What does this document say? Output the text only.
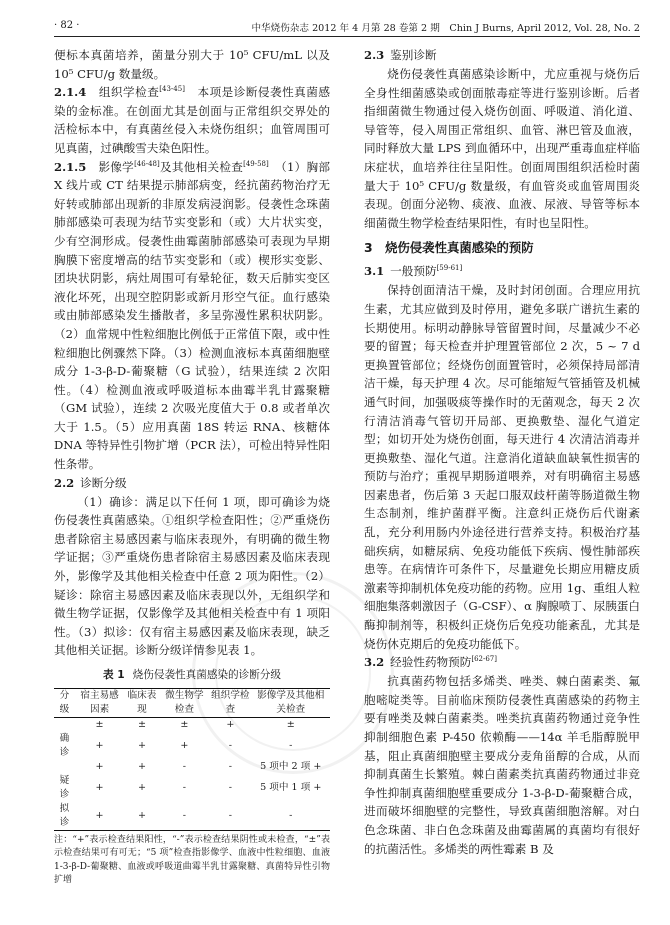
· 82 ·	中华烧伤杂志 2012 年 4 月第 28 卷第 2 期　Chin J Burns, April 2012, Vol. 28, No. 2

便标本真菌培养，菌量分别大于 10⁵ CFU/mL 以及 10⁵ CFU/g 数量级。

2.1.4　 组织学检查[43-45]　 本项是诊断侵袭性真菌感染的金标准。在创面尤其是创面与正常组织交界处的活检标本中，有真菌丝侵入未烧伤组织；血管周围可见真菌，过碘酸雪夫染色阳性。

2.1.5　 影像学[46-48]及其他相关检查[49-58]　 （1）胸部 X 线片或 CT 结果提示肺部病变，经抗菌药物治疗无好转或肺部出现新的非原发病浸润影。侵袭性念珠菌肺部感染可表现为结节实变影和（或）大片状实变，少有空洞形成。侵袭性曲霉菌肺部感染可表现为早期胸膜下密度增高的结节实变影和（或）楔形实变影、团块状阴影，病灶周围可有晕轮征，数天后肺实变区液化坏死，出现空腔阴影或新月形空气征。血行感染或由肺部感染发生播散者，多呈弥漫性累积状阴影。（2）血常规中性粒细胞比例低于正常值下限，或中性粒细胞比例骤然下降。（3）检测血液标本真菌细胞壁成分 1-3-β-D-葡聚糖（G 试验），结果连续 2 次阳性。（4）检测血液或呼吸道标本曲霉半乳甘露聚糖（GM 试验），连续 2 次吸光度值大于 0.8 或者单次大于 1.5。（5）应用真菌 18S 转运 RNA、核糖体 DNA 等特异性引物扩增（PCR 法），可检出特异性阳性条带。

2.2 诊断分级

（1）确诊：满足以下任何 1 项，即可确诊为烧伤侵袭性真菌感染。①组织学检查阳性；②严重烧伤患者除宿主易感因素与临床表现外，有明确的微生物学证据；③严重烧伤患者除宿主易感因素及临床表现外，影像学及其他相关检查中任意 2 项为阳性。（2）疑诊：除宿主易感因素及临床表现以外，无组织学和微生物学证据，仅影像学及其他相关检查中有 1 项阳性。（3）拟诊：仅有宿主易感因素及临床表现，缺乏其他相关证据。诊断分级详情参见表 1。

表 1 烧伤侵袭性真菌感染的诊断分级
分级	宿主易感因素	临床表现	微生物学检查	组织学检查	影像学及其他相关检查

	±	±	±	+	±
确诊	+	+	+	-	-
	+	+	-	-	5 项中 2 项 +
疑诊	+	+	-	-	5 项中 1 项 +
拟诊	+	+	-	-	-
注：“+”表示检查结果阳性，“-”表示检查结果阴性或未检查，“±”表示检查结果可有可无；“5 项”检查指影像学、血液中性粒细胞、血液 1-3-β-D-葡聚糖、血液或呼吸道曲霉半乳甘露聚糖、真菌特异性引物扩增
2.3 鉴别诊断

烧伤侵袭性真菌感染诊断中，尤应重视与烧伤后全身性细菌感染或创面脓毒症等进行鉴别诊断。后者指细菌微生物通过侵入烧伤创面、呼吸道、消化道、导管等，侵入周围正常组织、血管、淋巴管及血液，同时释放大量 LPS 到血循环中，出现严重毒血症样临床症状，血培养往往呈阳性。创面周围组织活检时菌量大于 10⁵ CFU/g 数量级，有血管炎或血管周围炎表现。创面分泌物、痰液、血液、尿液、导管等标本细菌微生物学检查结果阳性，有时也呈阳性。

3　 烧伤侵袭性真菌感染的预防
3.1 一般预防[59-61]

保持创面清洁干燥，及时封闭创面。合理应用抗生素，尤其应做到及时停用，避免多联广谱抗生素的长期使用。标明动静脉导管留置时间，尽量减少不必要的留置；每天检查并护理置管部位 2 次，5 ~ 7 d 更换置管部位；经烧伤创面置管时，必须保持局部清洁干燥，每天护理 4 次。尽可能缩短气管插管及机械通气时间，加强吸痰等操作时的无菌观念，每天 2 次行清洁消毒气管切开局部、更换敷垫、湿化气道定型；如切开处为烧伤创面，每天进行 4 次清洁消毒并更换敷垫、湿化气道。注意消化道缺血缺氧性损害的预防与治疗；重视早期肠道喂养，对有明确宿主易感因素患者，伤后第 3 天起口服双歧杆菌等肠道微生物生态制剂，维护菌群平衡。注意纠正烧伤后代谢紊乱，充分利用肠内外途径进行营养支持。积极治疗基础疾病，如糖尿病、免疫功能低下疾病、慢性肺部疾患等。在病情许可条件下，尽量避免长期应用糖皮质激素等抑制机体免疫功能的药物。应用 1g、重组人粒细胞集落刺激因子（G-CSF）、α 胸腺喷丁、尿胰蛋白酶抑制剂等，积极纠正烧伤后免疫功能紊乱，尤其是烧伤休克期后的免疫功能低下。

3.2 经验性药物预防[62-67]

抗真菌药物包括多烯类、唑类、棘白菌素类、氟胞嘧啶类等。目前临床预防侵袭性真菌感染的药物主要有唑类及棘白菌素类。唑类抗真菌药物通过竞争性抑制细胞色素 P-450 依赖酶——14α 羊毛脂醇脱甲基，阻止真菌细胞壁主要成分麦角甾醇的合成，从而抑制真菌生长繁殖。棘白菌素类抗真菌药物通过非竞争性抑制真菌细胞壁重要成分 1-3-β-D-葡聚糖合成，进而破坏细胞壁的完整性，导致真菌细胞溶解。对白色念珠菌、非白色念珠菌及曲霉菌属的真菌均有很好的抗菌活性。多烯类的两性霉素 B 及
